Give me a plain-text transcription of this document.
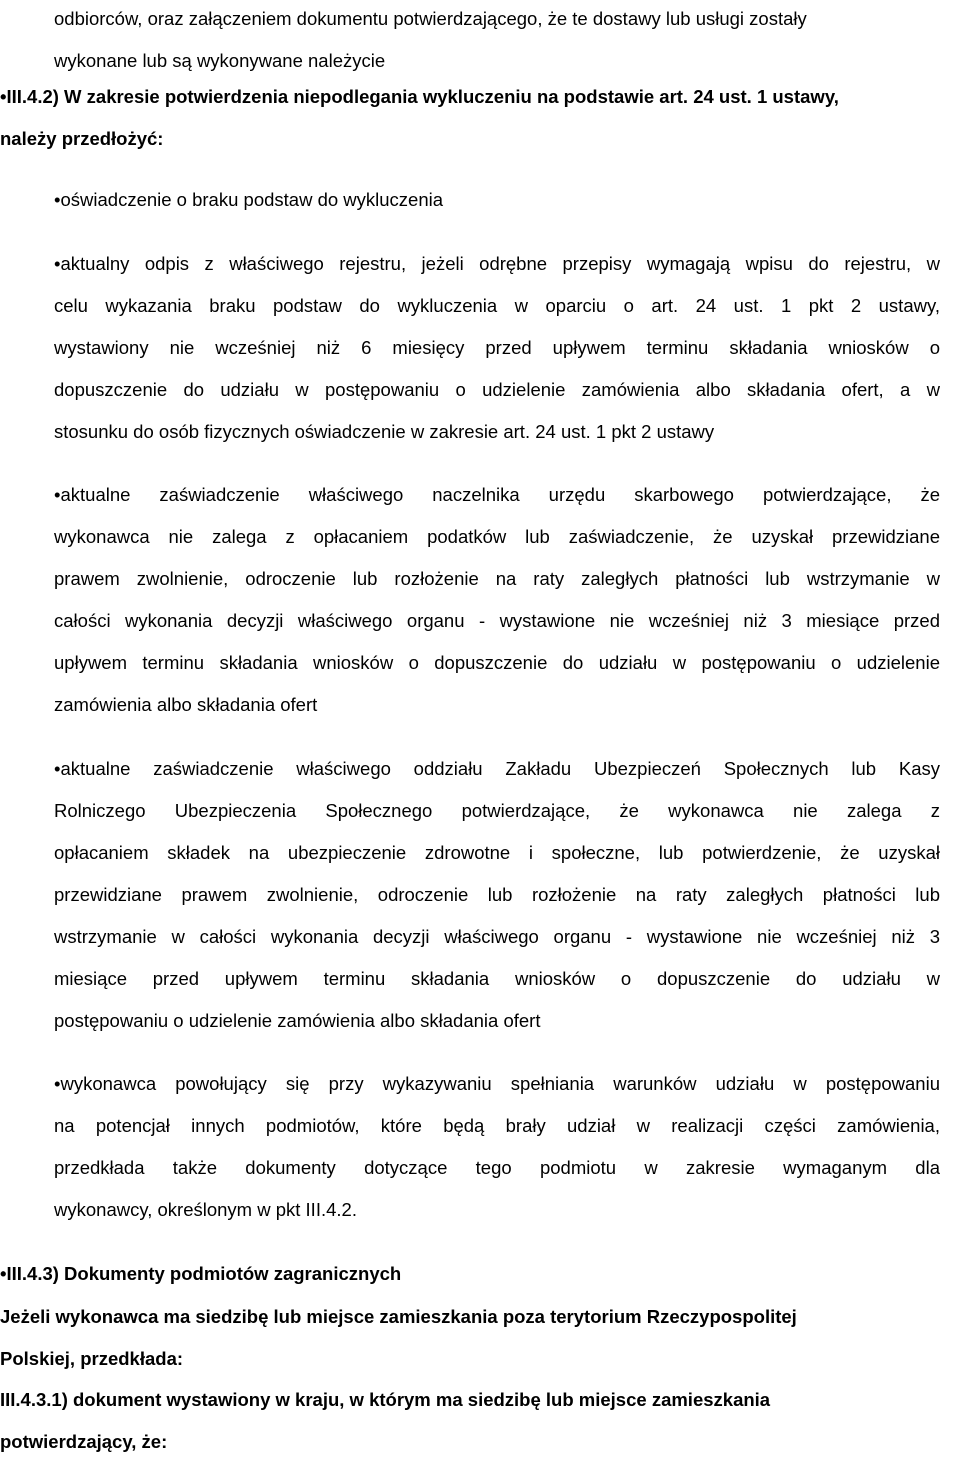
odbiorców, oraz załączeniem dokumentu potwierdzającego, że te dostawy lub usługi zostały
wykonane lub są wykonywane należycie
•III.4.2) W zakresie potwierdzenia niepodlegania wykluczeniu na podstawie art. 24 ust. 1 ustawy,
należy przedłożyć:
•oświadczenie o braku podstaw do wykluczenia
•aktualny odpis z właściwego rejestru, jeżeli odrębne przepisy wymagają wpisu do rejestru, w
celu wykazania braku podstaw do wykluczenia w oparciu o art. 24 ust. 1 pkt 2 ustawy,
wystawiony nie wcześniej niż 6 miesięcy przed upływem terminu składania wniosków o
dopuszczenie do udziału w postępowaniu o udzielenie zamówienia albo składania ofert, a w
stosunku do osób fizycznych oświadczenie w zakresie art. 24 ust. 1 pkt 2 ustawy
•aktualne zaświadczenie właściwego naczelnika urzędu skarbowego potwierdzające, że
wykonawca nie zalega z opłacaniem podatków lub zaświadczenie, że uzyskał przewidziane
prawem zwolnienie, odroczenie lub rozłożenie na raty zaległych płatności lub wstrzymanie w
całości wykonania decyzji właściwego organu - wystawione nie wcześniej niż 3 miesiące przed
upływem terminu składania wniosków o dopuszczenie do udziału w postępowaniu o udzielenie
zamówienia albo składania ofert
•aktualne zaświadczenie właściwego oddziału Zakładu Ubezpieczeń Społecznych lub Kasy
Rolniczego Ubezpieczenia Społecznego potwierdzające, że wykonawca nie zalega z
opłacaniem składek na ubezpieczenie zdrowotne i społeczne, lub potwierdzenie, że uzyskał
przewidziane prawem zwolnienie, odroczenie lub rozłożenie na raty zaległych płatności lub
wstrzymanie w całości wykonania decyzji właściwego organu - wystawione nie wcześniej niż 3
miesiące przed upływem terminu składania wniosków o dopuszczenie do udziału w
postępowaniu o udzielenie zamówienia albo składania ofert
•wykonawca powołujący się przy wykazywaniu spełniania warunków udziału w postępowaniu
na potencjał innych podmiotów, które będą brały udział w realizacji części zamówienia,
przedkłada także dokumenty dotyczące tego podmiotu w zakresie wymaganym dla
wykonawcy, określonym w pkt III.4.2.
•III.4.3) Dokumenty podmiotów zagranicznych
Jeżeli wykonawca ma siedzibę lub miejsce zamieszkania poza terytorium Rzeczypospolitej
Polskiej, przedkłada:
III.4.3.1) dokument wystawiony w kraju, w którym ma siedzibę lub miejsce zamieszkania
potwierdzający, że:
